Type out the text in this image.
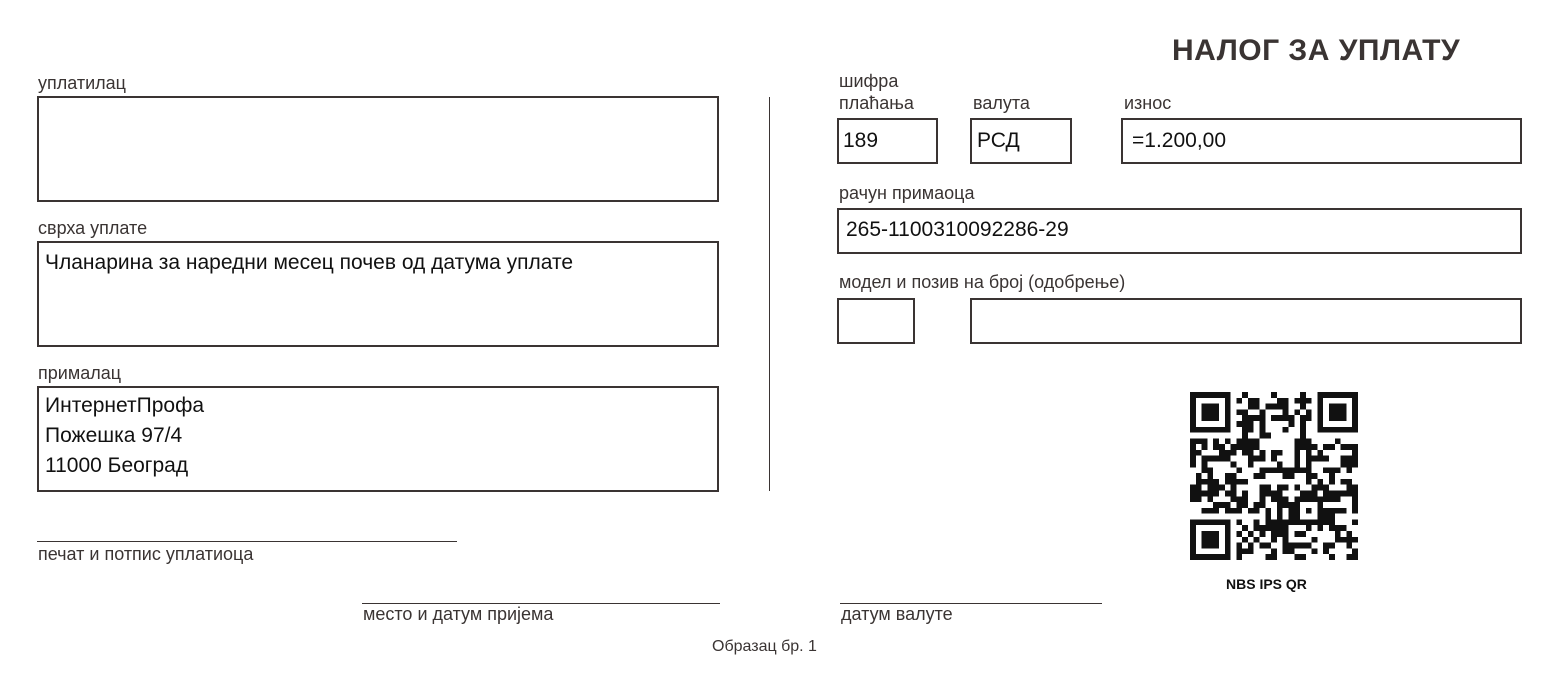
НАЛОГ ЗА УПЛАТУ
уплатилац
сврха уплате
Чланарина за наредни месец почев од датума уплате
прималац
ИнтернетПрофа
Пожешка 97/4
11000 Београд
печат и потпис уплатиоца
место и датум пријема
шифра
плаћања
189
валута
РСД
износ
=1.200,00
рачун примаоца
265-1100310092286-29
модел и позив на број (одобрење)
NBS IPS QR
датум валуте
Образац бр. 1
